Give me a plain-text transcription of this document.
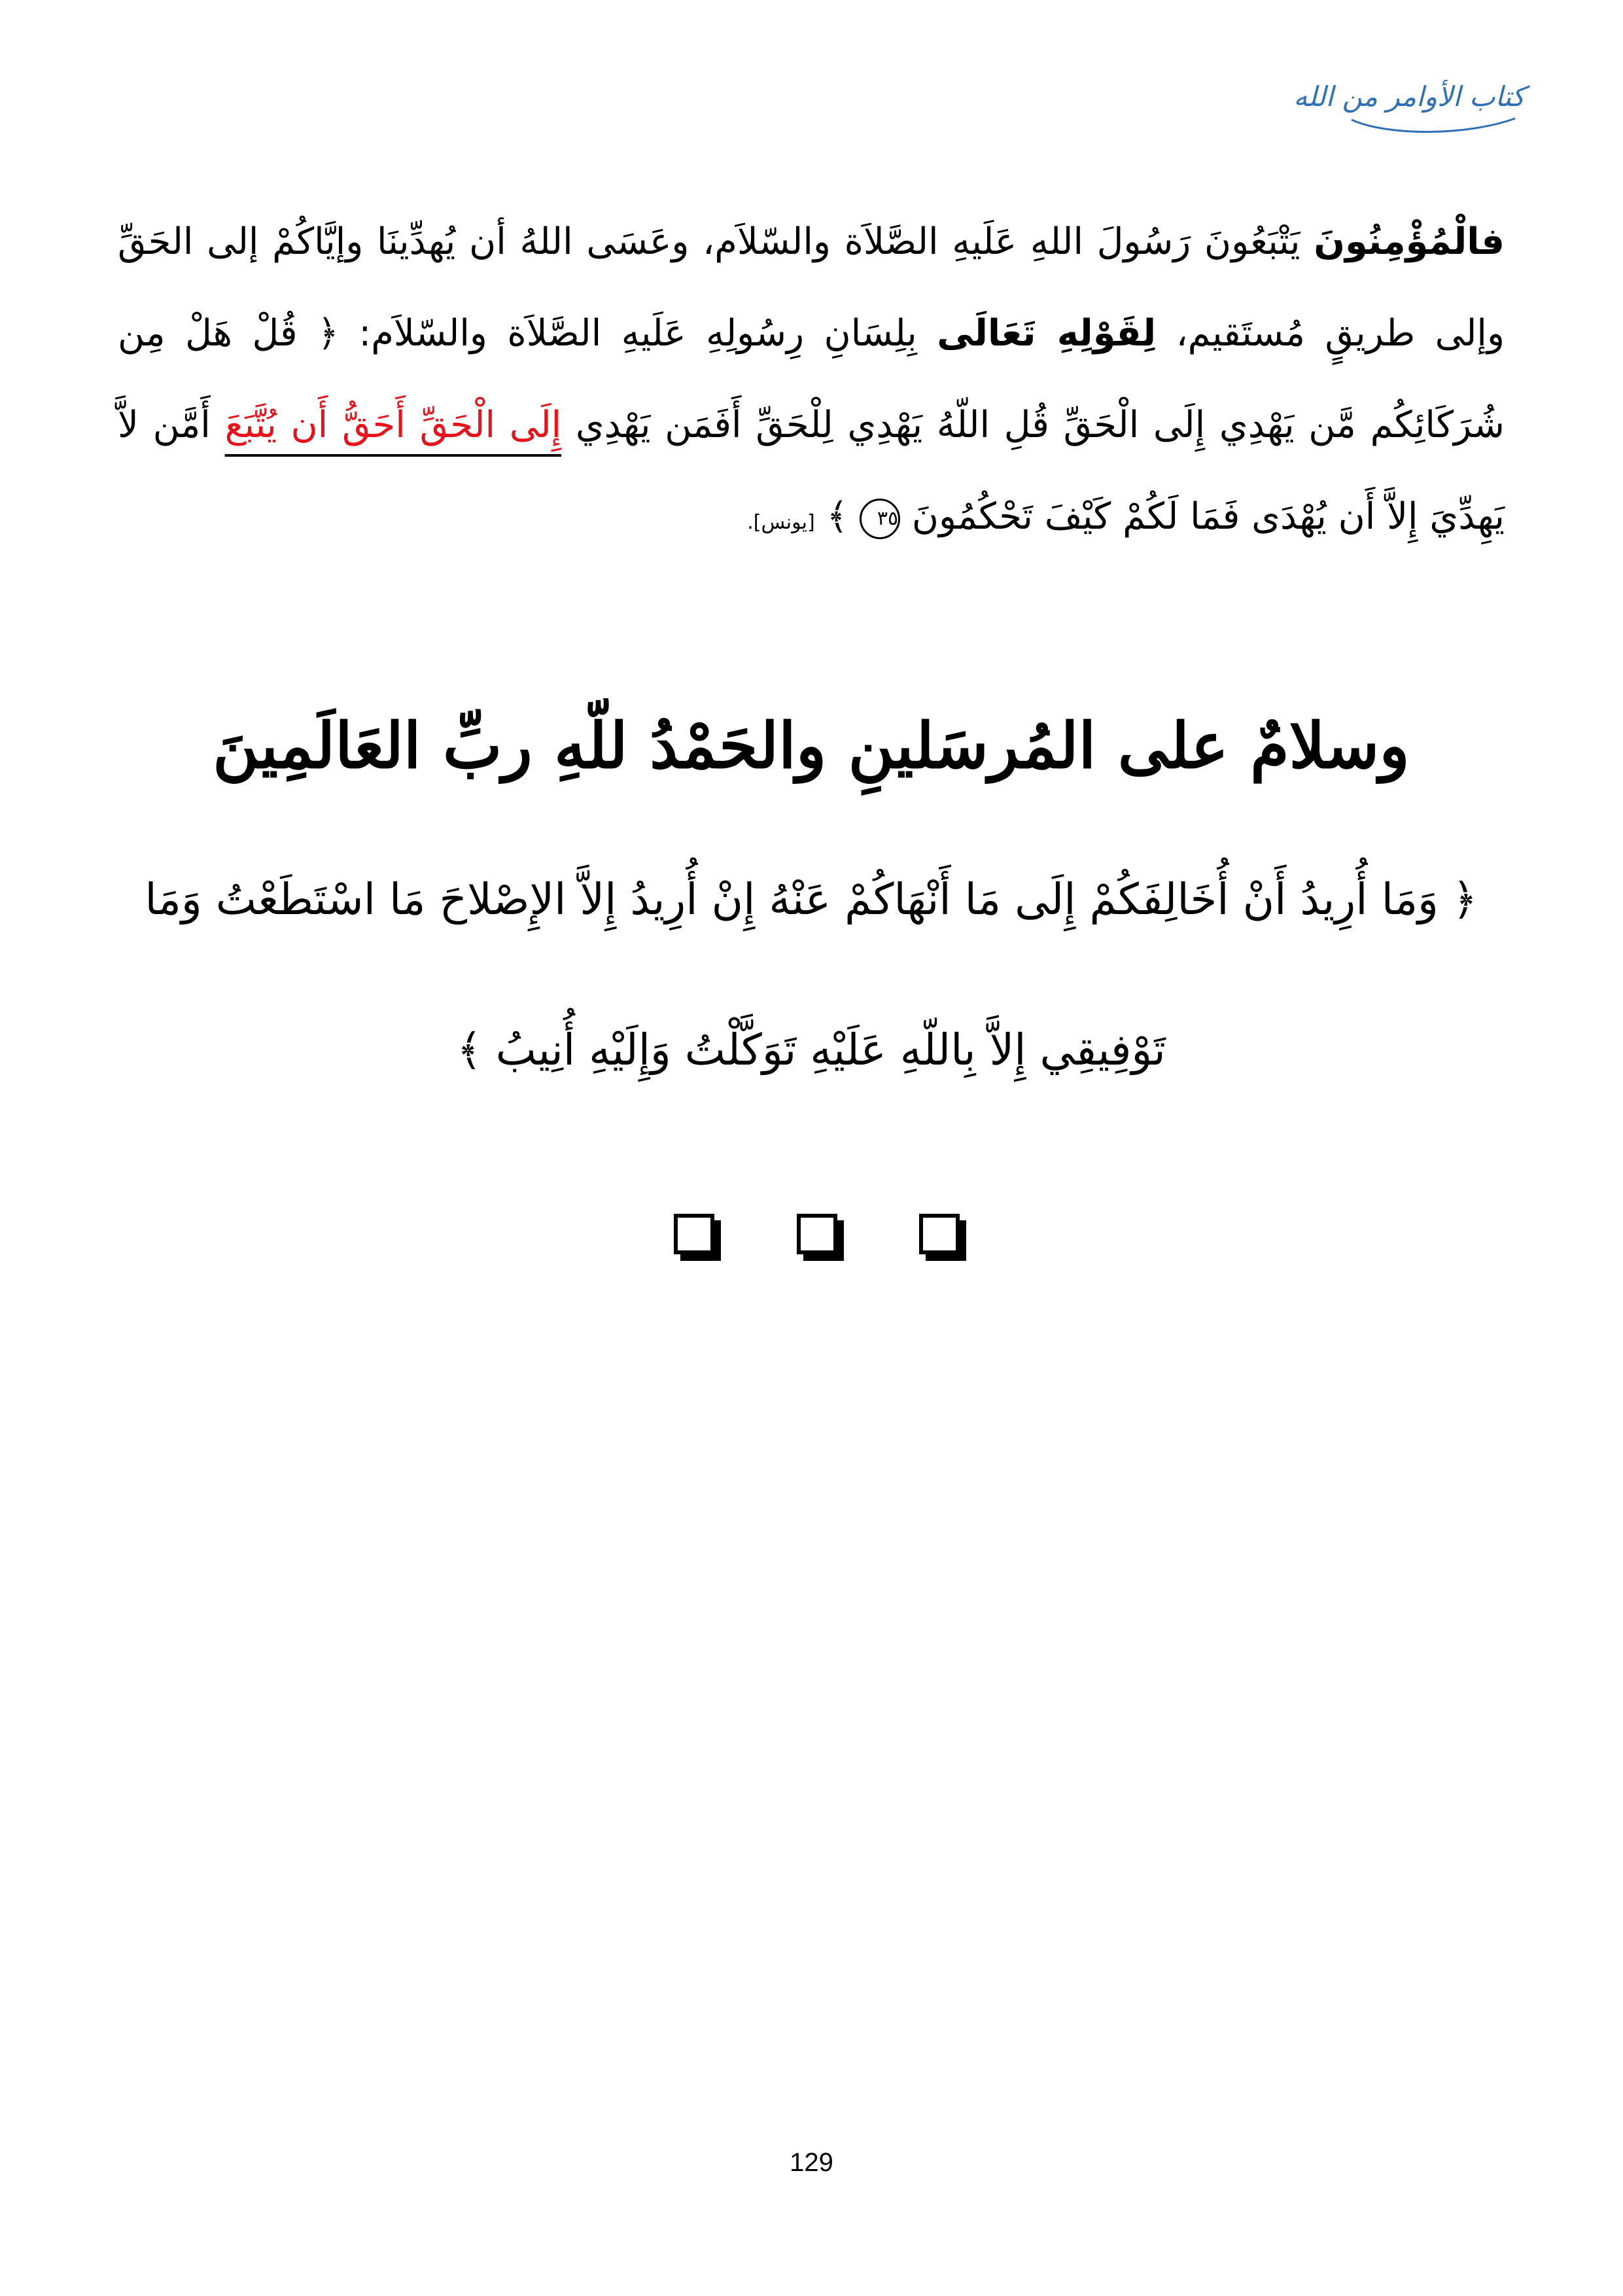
كتاب الأوامر من الله
فالْمُؤْمِنُونَ يَتْبَعُونَ رَسُولَ اللهِ عَلَيهِ الصَّلاَة والسّلاَم، وعَسَى اللهُ أن يُهدِّينَا وإيَّاكُمْ إلى الحَقِّ وإلى طريقٍ مُستَقيم، لِقَوْلِهِ تَعَالَى بِلِسَانِ رِسُولِهِ عَلَيهِ الصَّلاَة والسّلاَم: ﴿ قُلْ هَلْ مِن شُرَكَائِكُم مَّن يَهْدِي إِلَى الْحَقِّ قُلِ اللّهُ يَهْدِي لِلْحَقِّ أَفَمَن يَهْدِي إِلَى الْحَقِّ أَحَقُّ أَن يُتَّبَعَ أَمَّن لاَّ يَهِدِّيَ إِلاَّ أَن يُهْدَى فَمَا لَكُمْ كَيْفَ تَحْكُمُونَ ٣٥ ﴾ [يونس].
وسلامٌ على المُرسَلينِ والحَمْدُ للّهِ ربِّ العَالَمِينَ
﴿ وَمَا أُرِيدُ أَنْ أُخَالِفَكُمْ إِلَى مَا أَنْهَاكُمْ عَنْهُ إِنْ أُرِيدُ إِلاَّ الإِصْلاحَ مَا اسْتَطَعْتُ وَمَا تَوْفِيقِي إِلاَّ بِاللّهِ عَلَيْهِ تَوَكَّلْتُ وَإِلَيْهِ أُنِيبُ ﴾
129
